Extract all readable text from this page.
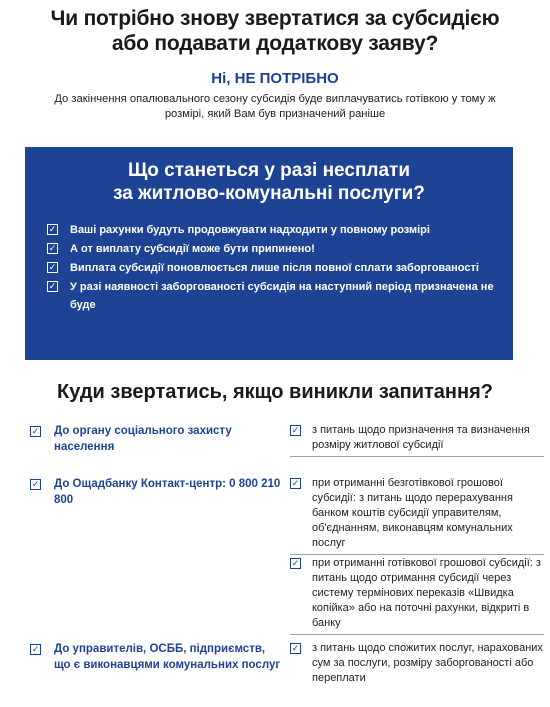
Чи потрібно знову звертатися за субсидією
або подавати додаткову заяву?
Ні, НЕ ПОТРІБНО
До закінчення опалювального сезону субсидія буде виплачуватись готівкою у тому ж
розмірі, який Вам був призначений раніше
Що станеться у разі несплати
за житлово-комунальні послуги?
✓
Ваші рахунки будуть продовжувати надходити у повному розмірі
✓
А от виплату субсидії може бути припинено!
✓
Виплата субсидії поновлюється лише після повної сплати заборгованості
✓
У разі наявності заборгованості субсидія на наступний період призначена не буде
Куди звертатись, якщо виникли запитання?
✓
До органу соціального захисту населення
✓
До Ощадбанку Контакт-центр: 0 800 210 800
✓
До управителів, ОСББ, підприємств, що є виконавцями комунальних послуг
✓
з питань щодо призначення та визначення розміру житлової субсидії
✓
при отриманні безготівкової грошової субсидії: з питань щодо перерахування банком коштів субсидії управителям, об'єднанням, виконавцям комунальних послуг
✓
при отриманні готівкової грошової субсидії: з питань щодо отримання субсидії через систему термінових переказів «Швидка копійка» або на поточні рахунки, відкриті в банку
✓
з питань щодо спожитих послуг, нарахованих сум за послуги, розміру заборгованості або переплати
